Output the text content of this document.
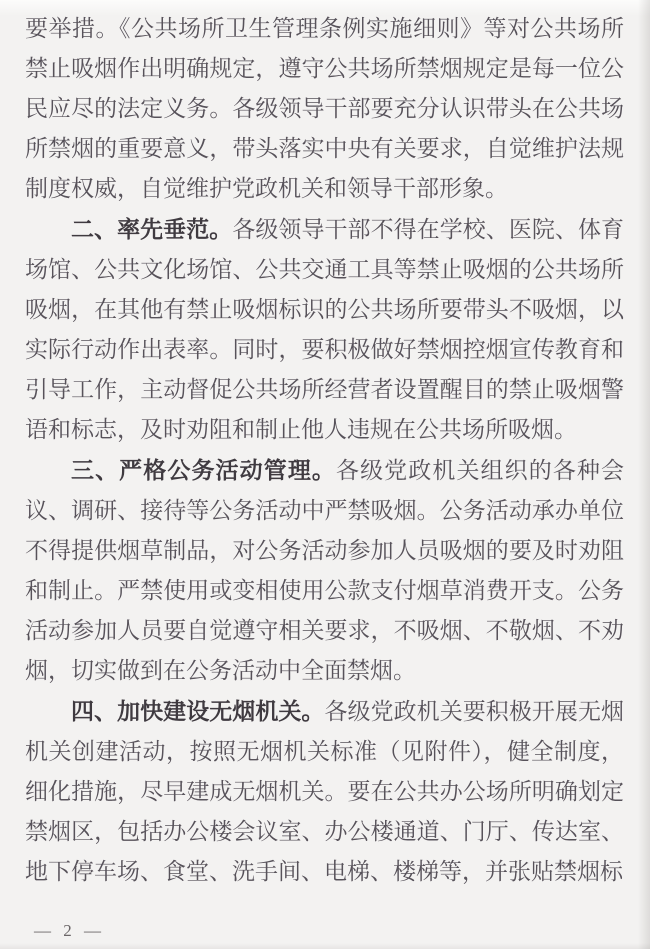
要举措。《公共场所卫生管理条例实施细则》等对公共场所禁止吸烟作出明确规定，遵守公共场所禁烟规定是每一位公民应尽的法定义务。各级领导干部要充分认识带头在公共场所禁烟的重要意义，带头落实中央有关要求，自觉维护法规制度权威，自觉维护党政机关和领导干部形象。

二、率先垂范。各级领导干部不得在学校、医院、体育场馆、公共文化场馆、公共交通工具等禁止吸烟的公共场所吸烟，在其他有禁止吸烟标识的公共场所要带头不吸烟，以实际行动作出表率。同时，要积极做好禁烟控烟宣传教育和引导工作，主动督促公共场所经营者设置醒目的禁止吸烟警语和标志，及时劝阻和制止他人违规在公共场所吸烟。

三、严格公务活动管理。各级党政机关组织的各种会议、调研、接待等公务活动中严禁吸烟。公务活动承办单位不得提供烟草制品，对公务活动参加人员吸烟的要及时劝阻和制止。严禁使用或变相使用公款支付烟草消费开支。公务活动参加人员要自觉遵守相关要求，不吸烟、不敬烟、不劝烟，切实做到在公务活动中全面禁烟。

四、加快建设无烟机关。各级党政机关要积极开展无烟机关创建活动，按照无烟机关标准（见附件），健全制度，细化措施，尽早建成无烟机关。要在公共办公场所明确划定禁烟区，包括办公楼会议室、办公楼通道、门厅、传达室、地下停车场、食堂、洗手间、电梯、楼梯等，并张贴禁烟标

— 2 —
